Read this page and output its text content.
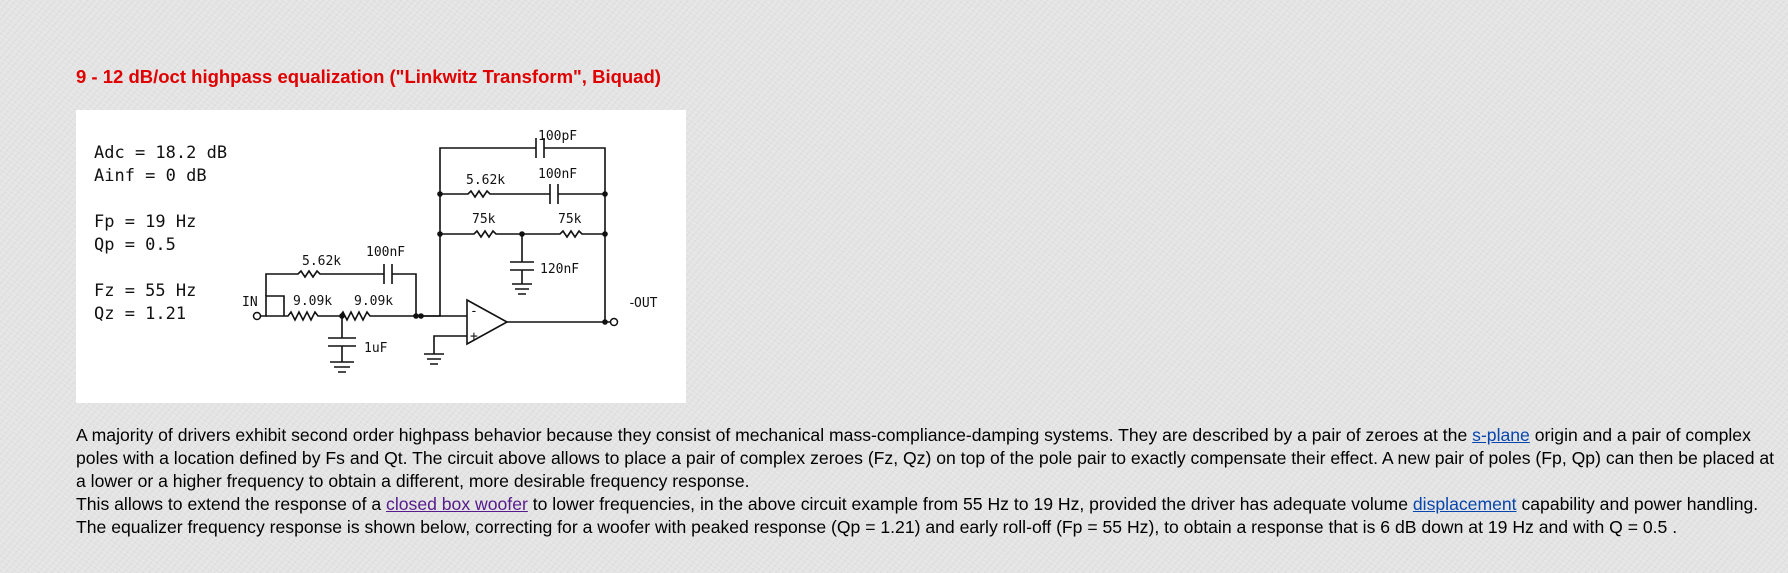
9 - 12 dB/oct highpass equalization ("Linkwitz Transform", Biquad)
Adc = 18.2 dB
Ainf = 0 dB
Fp = 19 Hz
Qp = 0.5
Fz = 55 Hz
Qz = 1.21
IN	OUT
9.09k 9.09k
5.62k
100nF
1uF
100pF
5.62k	100nF
75k	75k
120nF
-
-
+

A majority of drivers exhibit second order highpass behavior because they consist of mechanical mass-compliance-damping systems. They are described by a pair of zeroes at the s-plane origin and a pair of complex poles with a location defined by Fs and Qt. The circuit above allows to place a pair of complex zeroes (Fz, Qz) on top of the pole pair to exactly compensate their effect. A new pair of poles (Fp, Qp) can then be placed at a lower or a higher frequency to obtain a different, more desirable frequency response.

This allows to extend the response of a closed box woofer to lower frequencies, in the above circuit example from 55 Hz to 19 Hz, provided the driver has adequate volume displacement capability and power handling. The equalizer frequency response is shown below, correcting for a woofer with peaked response (Qp = 1.21) and early roll-off (Fp = 55 Hz), to obtain a response that is 6 dB down at 19 Hz and with Q = 0.5 .
